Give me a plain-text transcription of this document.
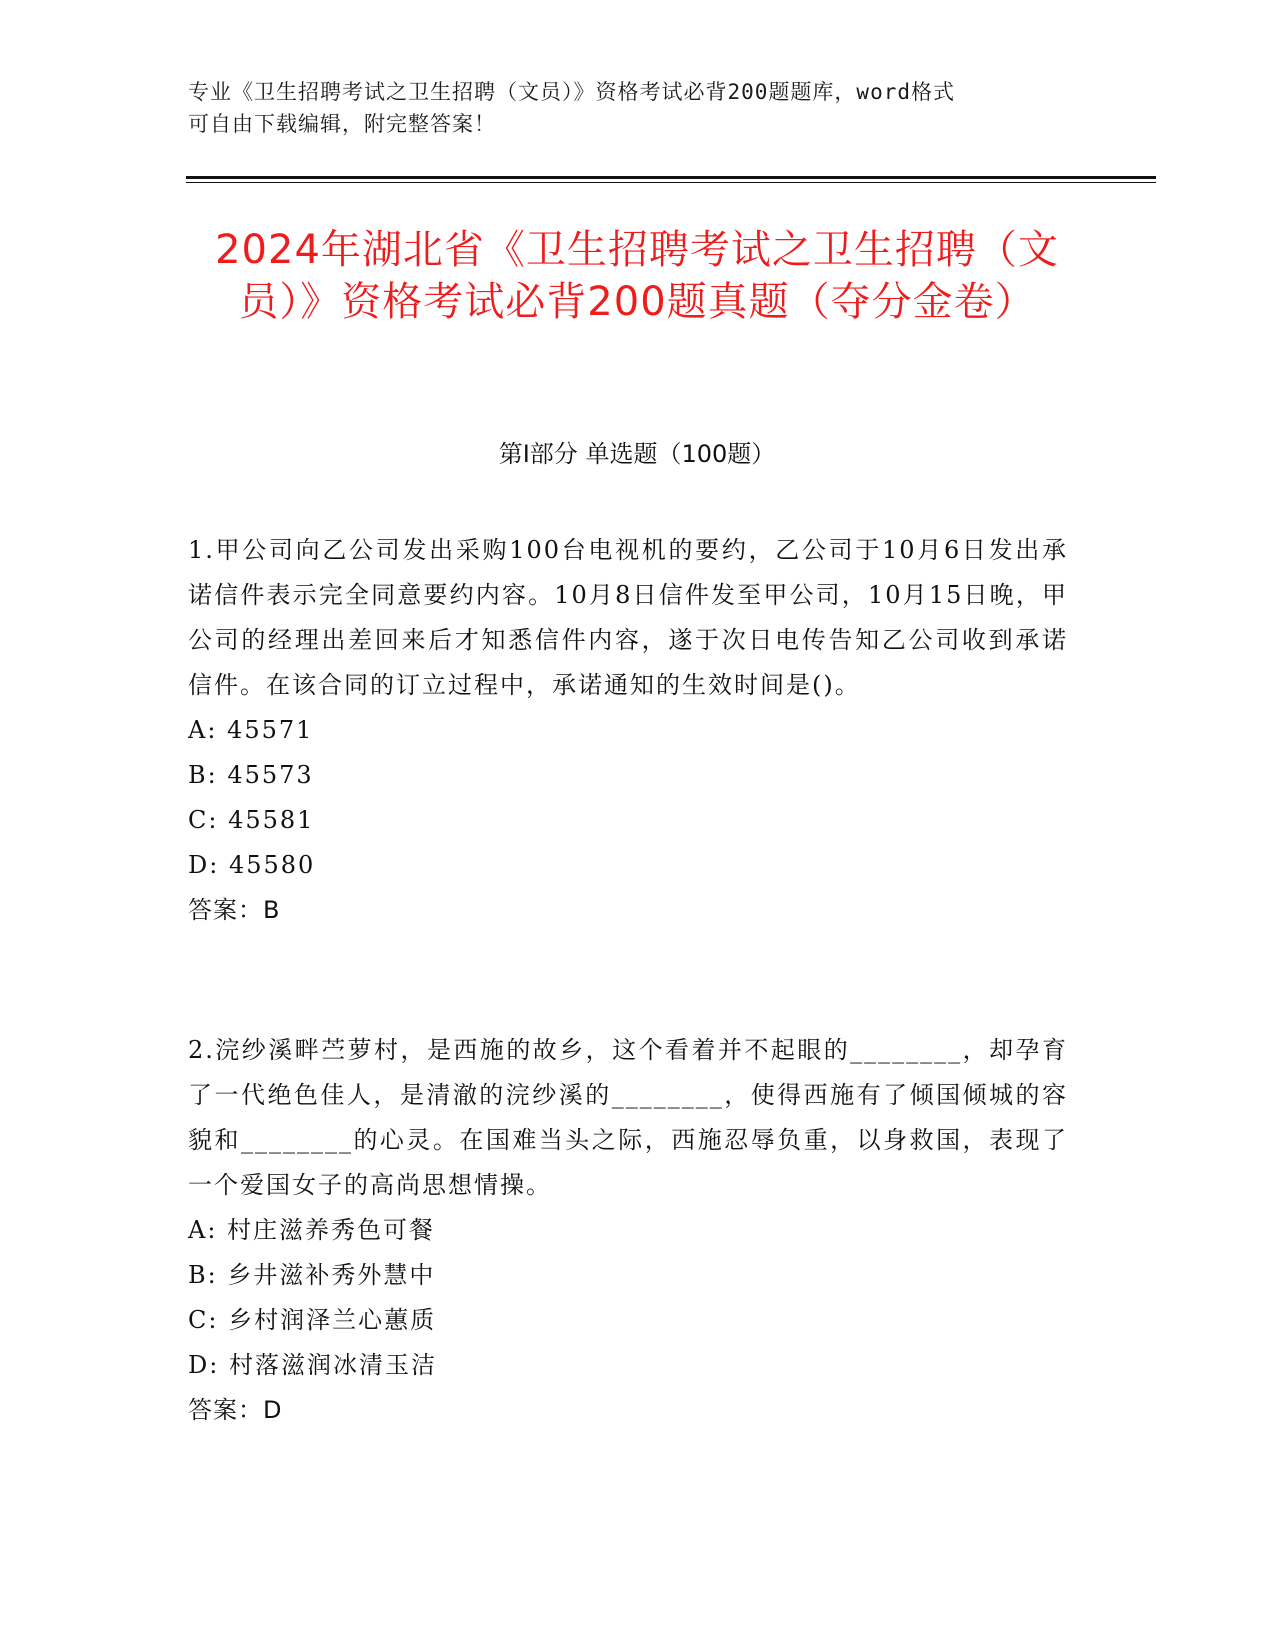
专业《卫生招聘考试之卫生招聘（文员）》资格考试必背200题题库，word格式
可自由下载编辑，附完整答案！

2024年湖北省《卫生招聘考试之卫生招聘（文员）》资格考试必背200题真题（夺分金卷）
第I部分 单选题（100题）

1.甲公司向乙公司发出采购100台电视机的要约，乙公司于10月6日发出承诺信件表示完全同意要约内容。10月8日信件发至甲公司，10月15日晚，甲公司的经理出差回来后才知悉信件内容，遂于次日电传告知乙公司收到承诺信件。在该合同的订立过程中，承诺通知的生效时间是()。

A: 45571

B: 45573

C: 45581

D: 45580

答案：B

2.浣纱溪畔苎萝村，是西施的故乡，这个看着并不起眼的________，却孕育了一代绝色佳人，是清澈的浣纱溪的________，使得西施有了倾国倾城的容貌和________的心灵。在国难当头之际，西施忍辱负重，以身救国，表现了一个爱国女子的高尚思想情操。

A: 村庄滋养秀色可餐

B: 乡井滋补秀外慧中

C: 乡村润泽兰心蕙质

D: 村落滋润冰清玉洁

答案：D
